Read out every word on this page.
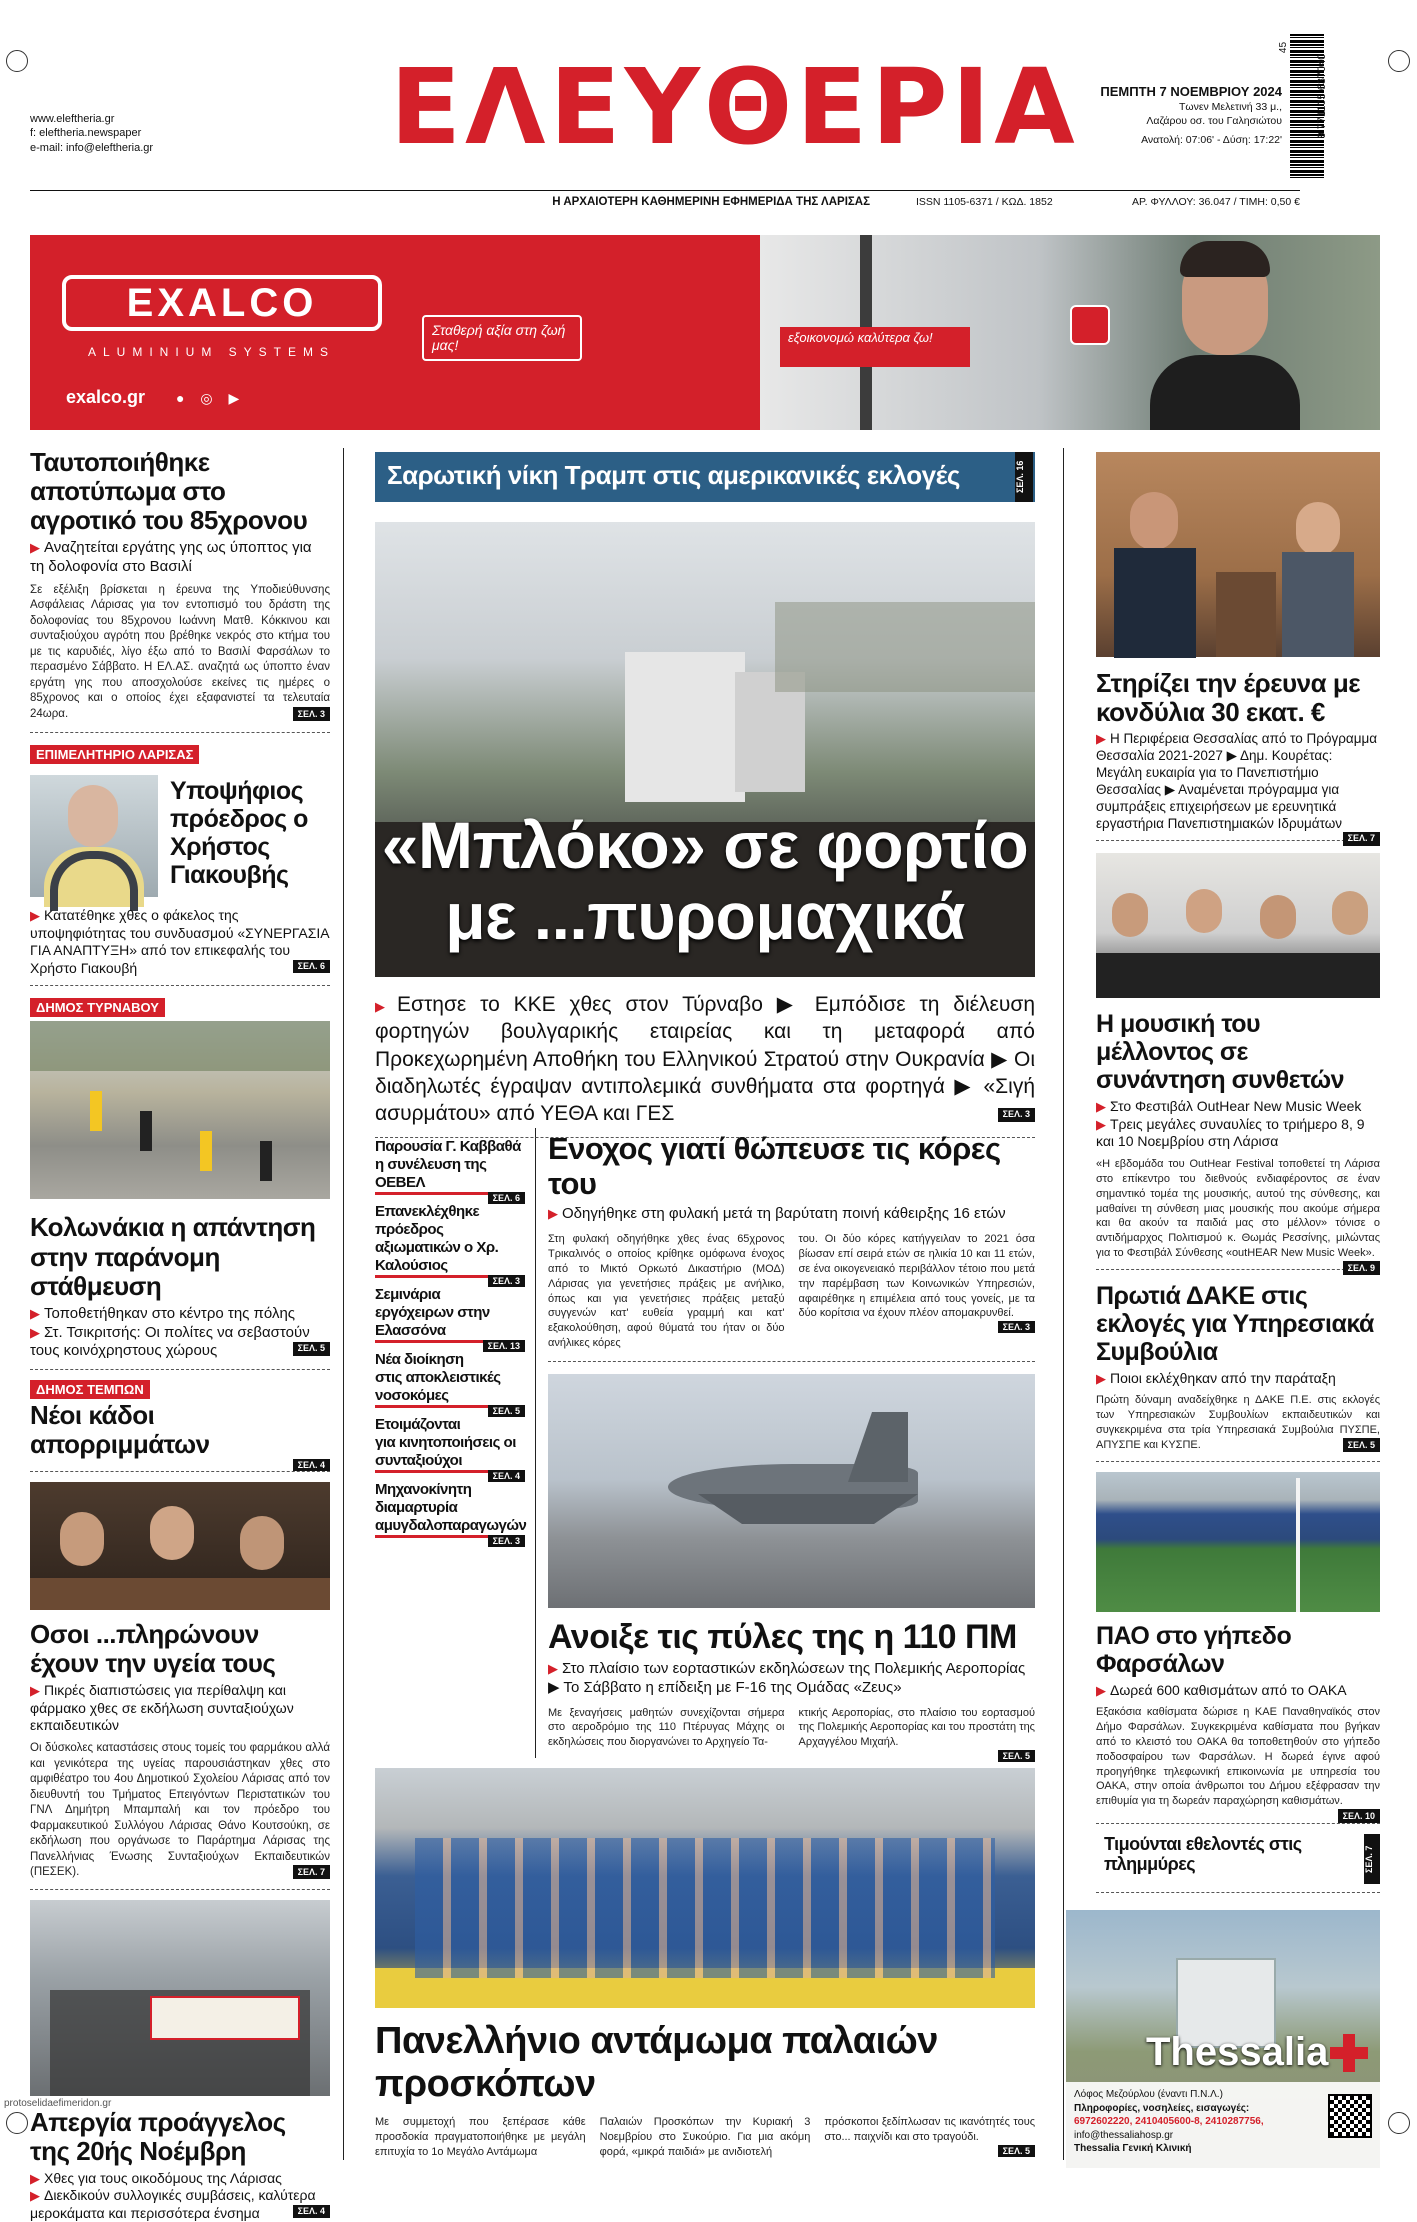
www.eleftheria.gr
f: eleftheria.newspaper
e-mail: info@eleftheria.gr ΕΛΕΥΘΕΡΙΑ	ΠΕΜΠΤΗ 7 ΝΟΕΜΒΡΙΟΥ 2024
Τωνεν Μελετινή 33 μ.,
Λαζάρου οσ. του Γαλησιώτου
Ανατολή: 07:06' - Δύση: 17:22'
9 771105 637040
45
Η ΑΡΧΑΙΟΤΕΡΗ ΚΑΘΗΜΕΡΙΝΗ ΕΦΗΜΕΡΙΔΑ ΤΗΣ ΛΑΡΙΣΑΣ	ISSN 1105-6371 / ΚΩΔ. 1852	ΑΡ. ΦΥΛΛΟΥ: 36.047 / ΤΙΜΗ: 0,50 €
EXALCO
ALUMINIUM SYSTEMS
exalco.gr ● ◎ ▶
Σταθερή αξία στη ζωή μας!	εξοικονομώ καλύτερα ζω!
Ταυτοποιήθηκε αποτύπωμα στο αγροτικό του 85χρονου
▶ Αναζητείται εργάτης γης ως ύποπτος για τη δολοφονία στο Βασιλί
Σε εξέλιξη βρίσκεται η έρευνα της Υποδιεύθυνσης Ασφάλειας Λάρισας για τον εντοπισμό του δράστη της δολοφονίας του 85χρονου Ιωάννη Ματθ. Κόκκινου και συνταξιούχου αγρότη που βρέθηκε νεκρός στο κτήμα του με τις καρυδιές, λίγο έξω από το Βασιλί Φαρσάλων το περασμένο Σάββατο. Η ΕΛ.ΑΣ. αναζητά ως ύποπτο έναν εργάτη γης που αποσχολούσε εκείνες τις ημέρες ο 85χρονος και ο οποίος έχει εξαφανιστεί τα τελευταία 24ωρα.	ΣΕΛ. 3
ΕΠΙΜΕΛΗΤΗΡΙΟ ΛΑΡΙΣΑΣ
Υποψήφιος πρόεδρος ο Χρήστος Γιακουβής
▶ Κατατέθηκε χθες ο φάκελος της υποψηφιότητας του συνδυασμού «ΣΥΝΕΡΓΑΣΙΑ ΓΙΑ ΑΝΑΠΤΥΞΗ» από τον επικεφαλής του Χρήστο Γιακουβή	ΣΕΛ. 6
ΔΗΜΟΣ ΤΥΡΝΑΒΟΥ
Κολωνάκια η απάντηση στην παράνομη στάθμευση
▶ Τοποθετήθηκαν στο κέντρο της πόλης
▶ Στ. Τσικριτσής: Οι πολίτες να σεβαστούν τους κοινόχρηστους χώρους	ΣΕΛ. 5
ΔΗΜΟΣ ΤΕΜΠΩΝ
Νέοι κάδοι απορριμμάτων
ΣΕΛ. 4
Οσοι ...πληρώνουν έχουν την υγεία τους
▶ Πικρές διαπιστώσεις για περίθαλψη και φάρμακο χθες σε εκδήλωση συνταξιούχων εκπαιδευτικών
Οι δύσκολες καταστάσεις στους τομείς του φαρμάκου αλλά και γενικότερα της υγείας παρουσιάστηκαν χθες στο αμφιθέατρο του 4ου Δημοτικού Σχολείου Λάρισας από τον διευθυντή του Τμήματος Επειγόντων Περιστατικών του ΓΝΛ Δημήτρη Μπαμπαλή και τον πρόεδρο του Φαρμακευτικού Συλλόγου Λάρισας Θάνο Κουτσούκη, σε εκδήλωση που οργάνωσε το Παράρτημα Λάρισας της Πανελλήνιας Ένωσης Συνταξιούχων Εκπαιδευτικών (ΠΕΣΕΚ).	ΣΕΛ. 7
protoselidaefimeridon.gr
Απεργία προάγγελος της 20ής Νοέμβρη
▶ Χθες για τους οικοδόμους της Λάρισας
▶ Διεκδικούν συλλογικές συμβάσεις, καλύτερα μεροκάματα και περισσότερα ένσημα	ΣΕΛ. 4
Σαρωτική νίκη Τραμπ στις αμερικανικές εκλογές	ΣΕΛ. 16
«Μπλόκο» σε φορτίο
με ...πυρομαχικά
▶ Εστησε το ΚΚΕ χθες στον Τύρναβο ▶ Εμπόδισε τη διέλευση φορτηγών βουλγαρικής εταιρείας και τη μεταφορά από Προκεχωρημένη Αποθήκη του Ελληνικού Στρατού στην Ουκρανία ▶ Οι διαδηλωτές έγραψαν αντιπολεμικά συνθήματα στα φορτηγά ▶ «Σιγή ασυρμάτου» από ΥΕΘΑ και ΓΕΣ	ΣΕΛ. 3
Παρουσία Γ. Καββαθά η συνέλευση της ΟΕΒΕΛ
ΣΕΛ. 6
Επανεκλέχθηκε πρόεδρος αξιωματικών ο Χρ. Καλούσιος
ΣΕΛ. 3
Σεμινάρια εργόχειρων στην Ελασσόνα
ΣΕΛ. 13
Νέα διοίκηση στις αποκλειστικές νοσοκόμες
ΣΕΛ. 5
Ετοιμάζονται για κινητοποιήσεις οι συνταξιούχοι
ΣΕΛ. 4
Μηχανοκίνητη διαμαρτυρία αμυγδαλοπαραγωγών
ΣΕΛ. 3
Ενοχος γιατί θώπευσε τις κόρες του
▶ Οδηγήθηκε στη φυλακή μετά τη βαρύτατη ποινή κάθειρξης 16 ετών
Στη φυλακή οδηγήθηκε χθες ένας 65χρονος Τρικαλινός ο οποίος κρίθηκε ομόφωνα ένοχος από το Μικτό Ορκωτό Δικαστήριο (ΜΟΔ) Λάρισας για γενετήσιες πράξεις με ανήλικο, όπως και για γενετήσιες πράξεις μεταξύ συγγενών κατ' ευθεία γραμμή και κατ' εξακολούθηση, αφού θύματά του ήταν οι δύο ανήλικες κόρες
του. Οι δύο κόρες κατήγγειλαν το 2021 όσα βίωσαν επί σειρά ετών σε ηλικία 10 και 11 ετών, σε ένα οικογενειακό περιβάλλον τέτοιο που μετά την παρέμβαση των Κοινωνικών Υπηρεσιών, αφαιρέθηκε η επιμέλεια από τους γονείς, με τα δύο κορίτσια να έχουν πλέον απομακρυνθεί.
ΣΕΛ. 3
Ανοιξε τις πύλες της η 110 ΠΜ
▶ Στο πλαίσιο των εορταστικών εκδηλώσεων της Πολεμικής Αεροπορίας ▶ Το Σάββατο η επίδειξη με F-16 της Ομάδας «Ζευς»
Με ξεναγήσεις μαθητών συνεχίζονται σήμερα στο αεροδρόμιο της 110 Πτέρυγας Μάχης οι εκδηλώσεις που διοργανώνει το Αρχηγείο Τα-
κτικής Αεροπορίας, στο πλαίσιο του εορτασμού της Πολεμικής Αεροπορίας και του προστάτη της Αρχαγγέλου Μιχαήλ.
ΣΕΛ. 5
Πανελλήνιο αντάμωμα παλαιών προσκόπων
Με συμμετοχή που ξεπέρασε κάθε προσδοκία πραγματοποιήθηκε με μεγάλη επιτυχία το 1ο Μεγάλο Αντάμωμα
Παλαιών Προσκόπων την Κυριακή 3 Νοεμβρίου στο Συκούριο. Για μια ακόμη φορά, «μικρά παιδιά» με ανιδιοτελή
πρόσκοποι ξεδίπλωσαν τις ικανότητές τους στο... παιχνίδι και στο τραγούδι.
ΣΕΛ. 5
Στηρίζει την έρευνα με κονδύλια 30 εκατ. €
▶ Η Περιφέρεια Θεσσαλίας από το Πρόγραμμα Θεσσαλία 2021-2027 ▶ Δημ. Κουρέτας: Μεγάλη ευκαιρία για το Πανεπιστήμιο Θεσσαλίας ▶ Αναμένεται πρόγραμμα για συμπράξεις επιχειρήσεων με ερευνητικά εργαστήρια Πανεπιστημιακών Ιδρυμάτων
ΣΕΛ. 7
Η μουσική του μέλλοντος σε συνάντηση συνθετών
▶ Στο Φεστιβάλ OutHear New Music Week
▶ Τρεις μεγάλες συναυλίες το τριήμερο 8, 9 και 10 Νοεμβρίου στη Λάρισα
«Η εβδομάδα του OutHear Festival τοποθετεί τη Λάρισα στο επίκεντρο του διεθνούς ενδιαφέροντος σε έναν σημαντικό τομέα της μουσικής, αυτού της σύνθεσης, και μαθαίνει τη σύνθεση μιας μουσικής που ακούμε σήμερα και θα ακούν τα παιδιά μας στο μέλλον» τόνισε ο αντιδήμαρχος Πολιτισμού κ. Θωμάς Ρεσσίνης, μιλώντας για το Φεστιβάλ Σύνθεσης «outHEAR New Music Week».
ΣΕΛ. 9
Πρωτιά ΔΑΚΕ στις εκλογές για Υπηρεσιακά Συμβούλια
▶ Ποιοι εκλέχθηκαν από την παράταξη
Πρώτη δύναμη αναδείχθηκε η ΔΑΚΕ Π.Ε. στις εκλογές των Υπηρεσιακών Συμβουλίων εκπαιδευτικών και συγκεκριμένα στα τρία Υπηρεσιακά Συμβούλια ΠΥΣΠΕ, ΑΠΥΣΠΕ και ΚΥΣΠΕ.	ΣΕΛ. 5
ΠΑΟ στο γήπεδο Φαρσάλων
▶ Δωρεά 600 καθισμάτων από το ΟΑΚΑ
Εξακόσια καθίσματα δώρισε η ΚΑΕ Παναθηναϊκός στον Δήμο Φαρσάλων. Συγκεκριμένα καθίσματα που βγήκαν από το κλειστό του ΟΑΚΑ θα τοποθετηθούν στο γήπεδο ποδοσφαίρου των Φαρσάλων. Η δωρεά έγινε αφού προηγήθηκε τηλεφωνική επικοινωνία με υπηρεσία του ΟΑΚΑ, στην οποία άνθρωποι του Δήμου εξέφρασαν την επιθυμία για τη δωρεάν παραχώρηση καθισμάτων.
ΣΕΛ. 10
Τιμούνται εθελοντές στις πλημμύρες	ΣΕΛ. 7
Thessalia
Λόφος Μεζούρλου (έναντι Π.Ν.Λ.)
Πληροφορίες, νοσηλείες, εισαγωγές:
6972602220, 2410405600-8, 2410287756,
info@thessaliahosp.gr
Thessalia Γενική Κλινική
